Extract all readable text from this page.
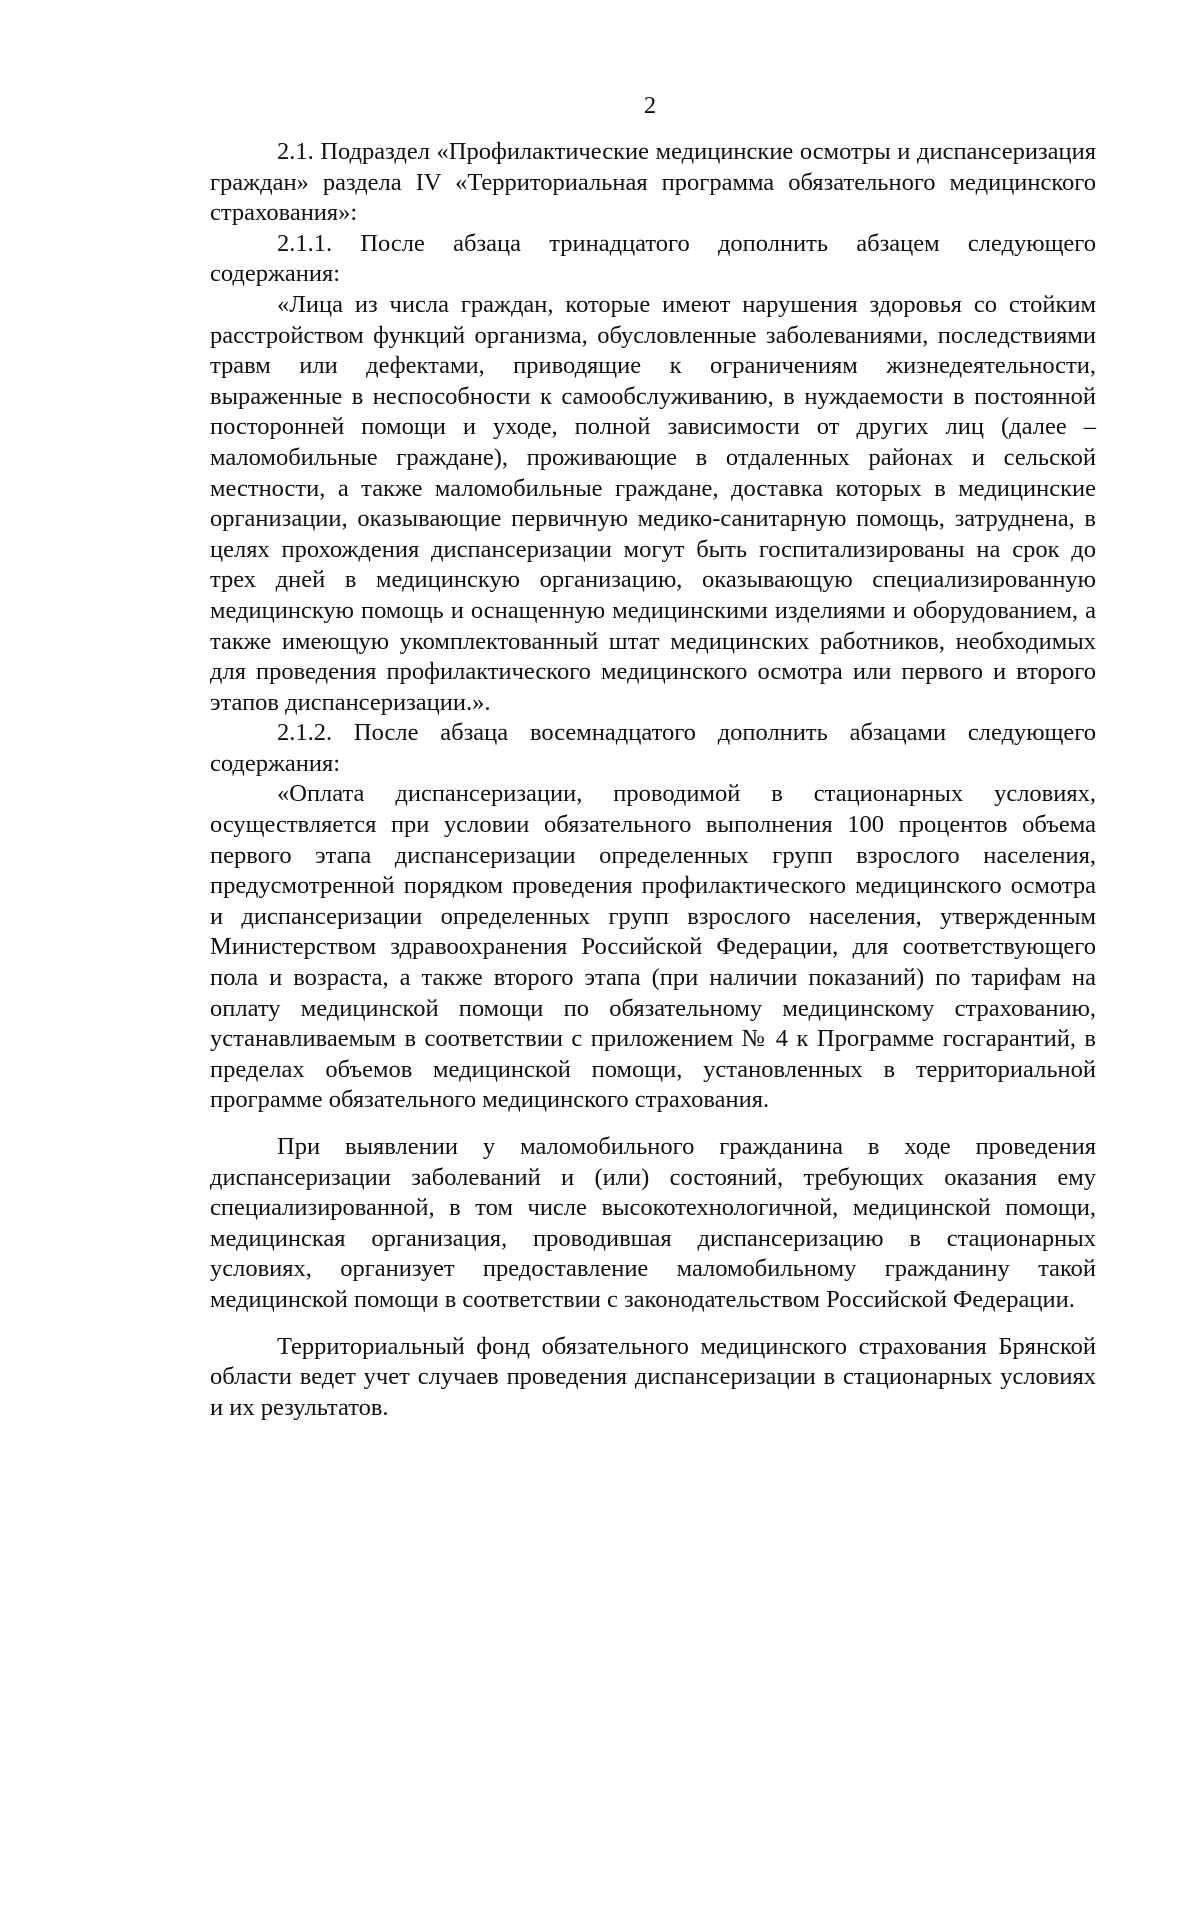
2

2.1. Подраздел «Профилактические медицинские осмотры и диспансеризация граждан» раздела IV «Территориальная программа обязательного медицинского страхования»:

2.1.1. После абзаца тринадцатого дополнить абзацем следующего содержания:

«Лица из числа граждан, которые имеют нарушения здоровья со стойким расстройством функций организма, обусловленные заболеваниями, последствиями травм или дефектами, приводящие к ограничениям жизнедеятельности, выраженные в неспособности к самообслуживанию, в нуждаемости в постоянной посторонней помощи и уходе, полной зависимости от других лиц (далее – маломобильные граждане), проживающие в отдаленных районах и сельской местности, а также маломобильные граждане, доставка которых в медицинские организации, оказывающие первичную медико-санитарную помощь, затруднена, в целях прохождения диспансеризации могут быть госпитализированы на срок до трех дней в медицинскую организацию, оказывающую специализированную медицинскую помощь и оснащенную медицинскими изделиями и оборудованием, а также имеющую укомплектованный штат медицинских работников, необходимых для проведения профилактического медицинского осмотра или первого и второго этапов диспансеризации.».

2.1.2. После абзаца восемнадцатого дополнить абзацами следующего содержания:

«Оплата диспансеризации, проводимой в стационарных условиях, осуществляется при условии обязательного выполнения 100 процентов объема первого этапа диспансеризации определенных групп взрослого населения, предусмотренной порядком проведения профилактического медицинского осмотра и диспансеризации определенных групп взрослого населения, утвержденным Министерством здравоохранения Российской Федерации, для соответствующего пола и возраста, а также второго этапа (при наличии показаний) по тарифам на оплату медицинской помощи по обязательному медицинскому страхованию, устанавливаемым в соответствии с приложением № 4 к Программе госгарантий, в пределах объемов медицинской помощи, установленных в территориальной программе обязательного медицинского страхования.

При выявлении у маломобильного гражданина в ходе проведения диспансеризации заболеваний и (или) состояний, требующих оказания ему специализированной, в том числе высокотехнологичной, медицинской помощи, медицинская организация, проводившая диспансеризацию в стационарных условиях, организует предоставление маломобильному гражданину такой медицинской помощи в соответствии с законодательством Российской Федерации.

Территориальный фонд обязательного медицинского страхования Брянской области ведет учет случаев проведения диспансеризации в стационарных условиях и их результатов.
